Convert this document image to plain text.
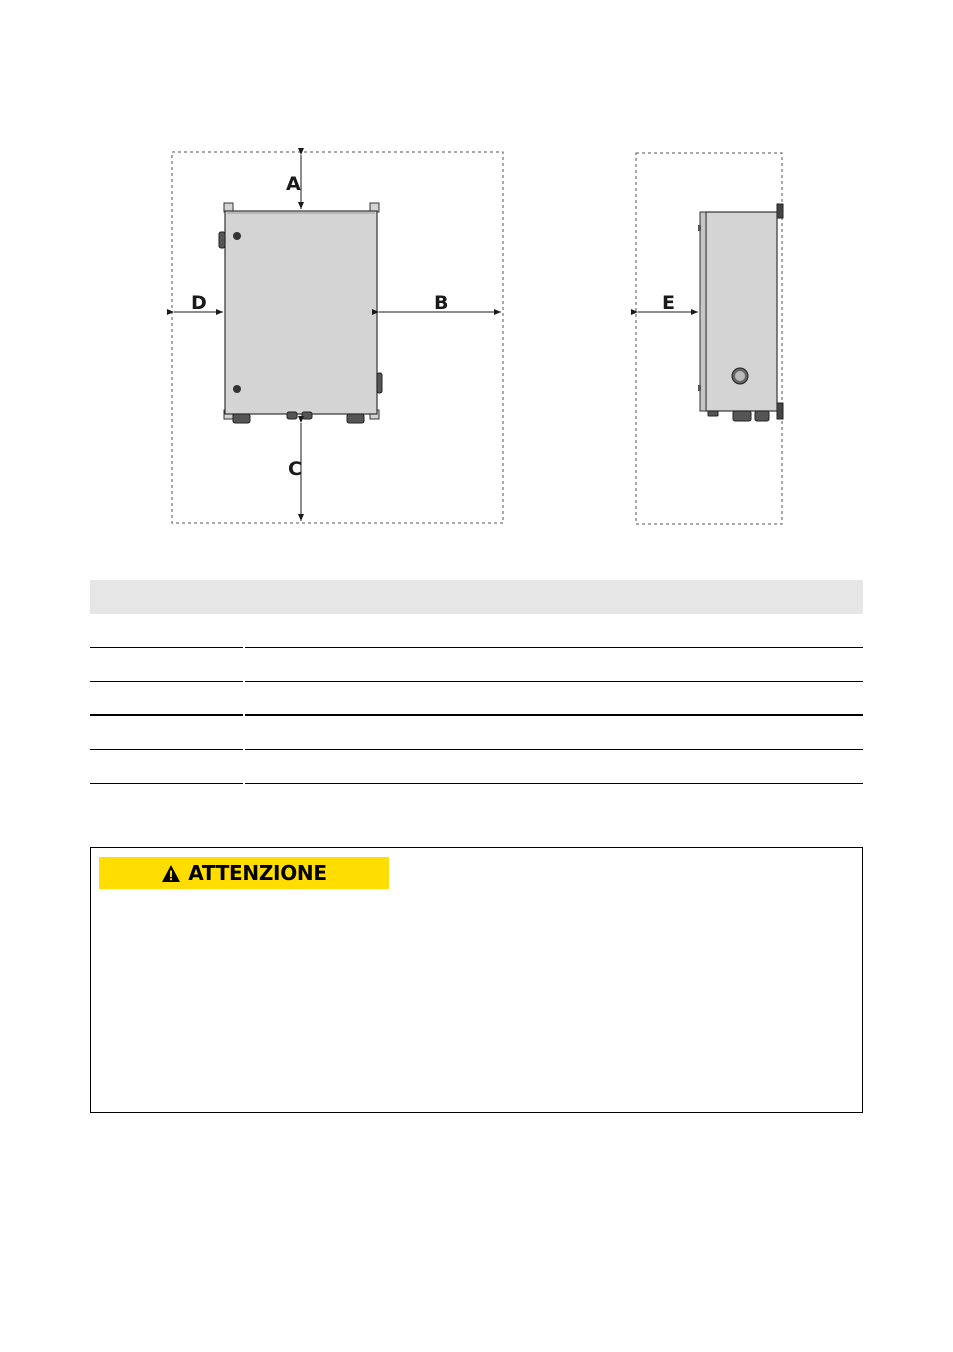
A
D	B
C
E
ATTENZIONE
